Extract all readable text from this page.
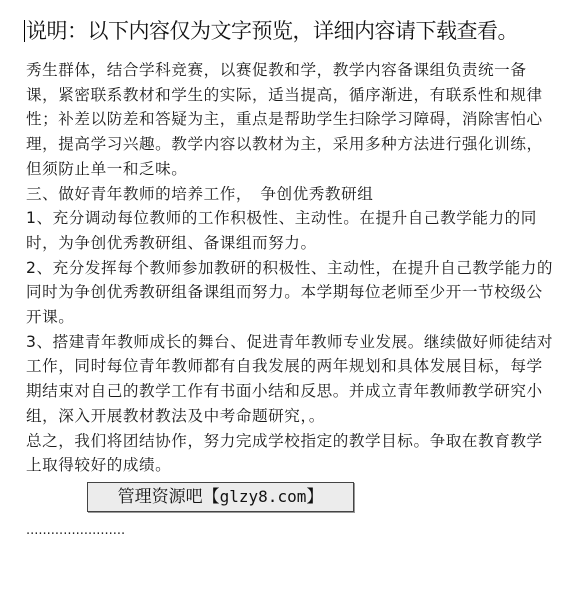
说明：以下内容仅为文字预览，详细内容请下载查看。

秀生群体，结合学科竞赛，以赛促教和学，教学内容备课组负责统一备课，紧密联系教材和学生的实际，适当提高，循序渐进，有联系性和规律性；补差以防差和答疑为主，重点是帮助学生扫除学习障碍，消除害怕心理，提高学习兴趣。教学内容以教材为主，采用多种方法进行强化训练，但须防止单一和乏味。

三、做好青年教师的培养工作，　争创优秀教研组

1、充分调动每位教师的工作积极性、主动性。在提升自己教学能力的同时，为争创优秀教研组、备课组而努力。

2、充分发挥每个教师参加教研的积极性、主动性，在提升自己教学能力的同时为争创优秀教研组备课组而努力。本学期每位老师至少开一节校级公开课。

3、搭建青年教师成长的舞台、促进青年教师专业发展。继续做好师徒结对工作，同时每位青年教师都有自我发展的两年规划和具体发展目标，每学期结束对自己的教学工作有书面小结和反思。并成立青年教师教学研究小组，深入开展教材教法及中考命题研究，。

总之，我们将团结协作，努力完成学校指定的教学目标。争取在教育教学上取得较好的成绩。

························
管理资源吧【glzy8.com】
